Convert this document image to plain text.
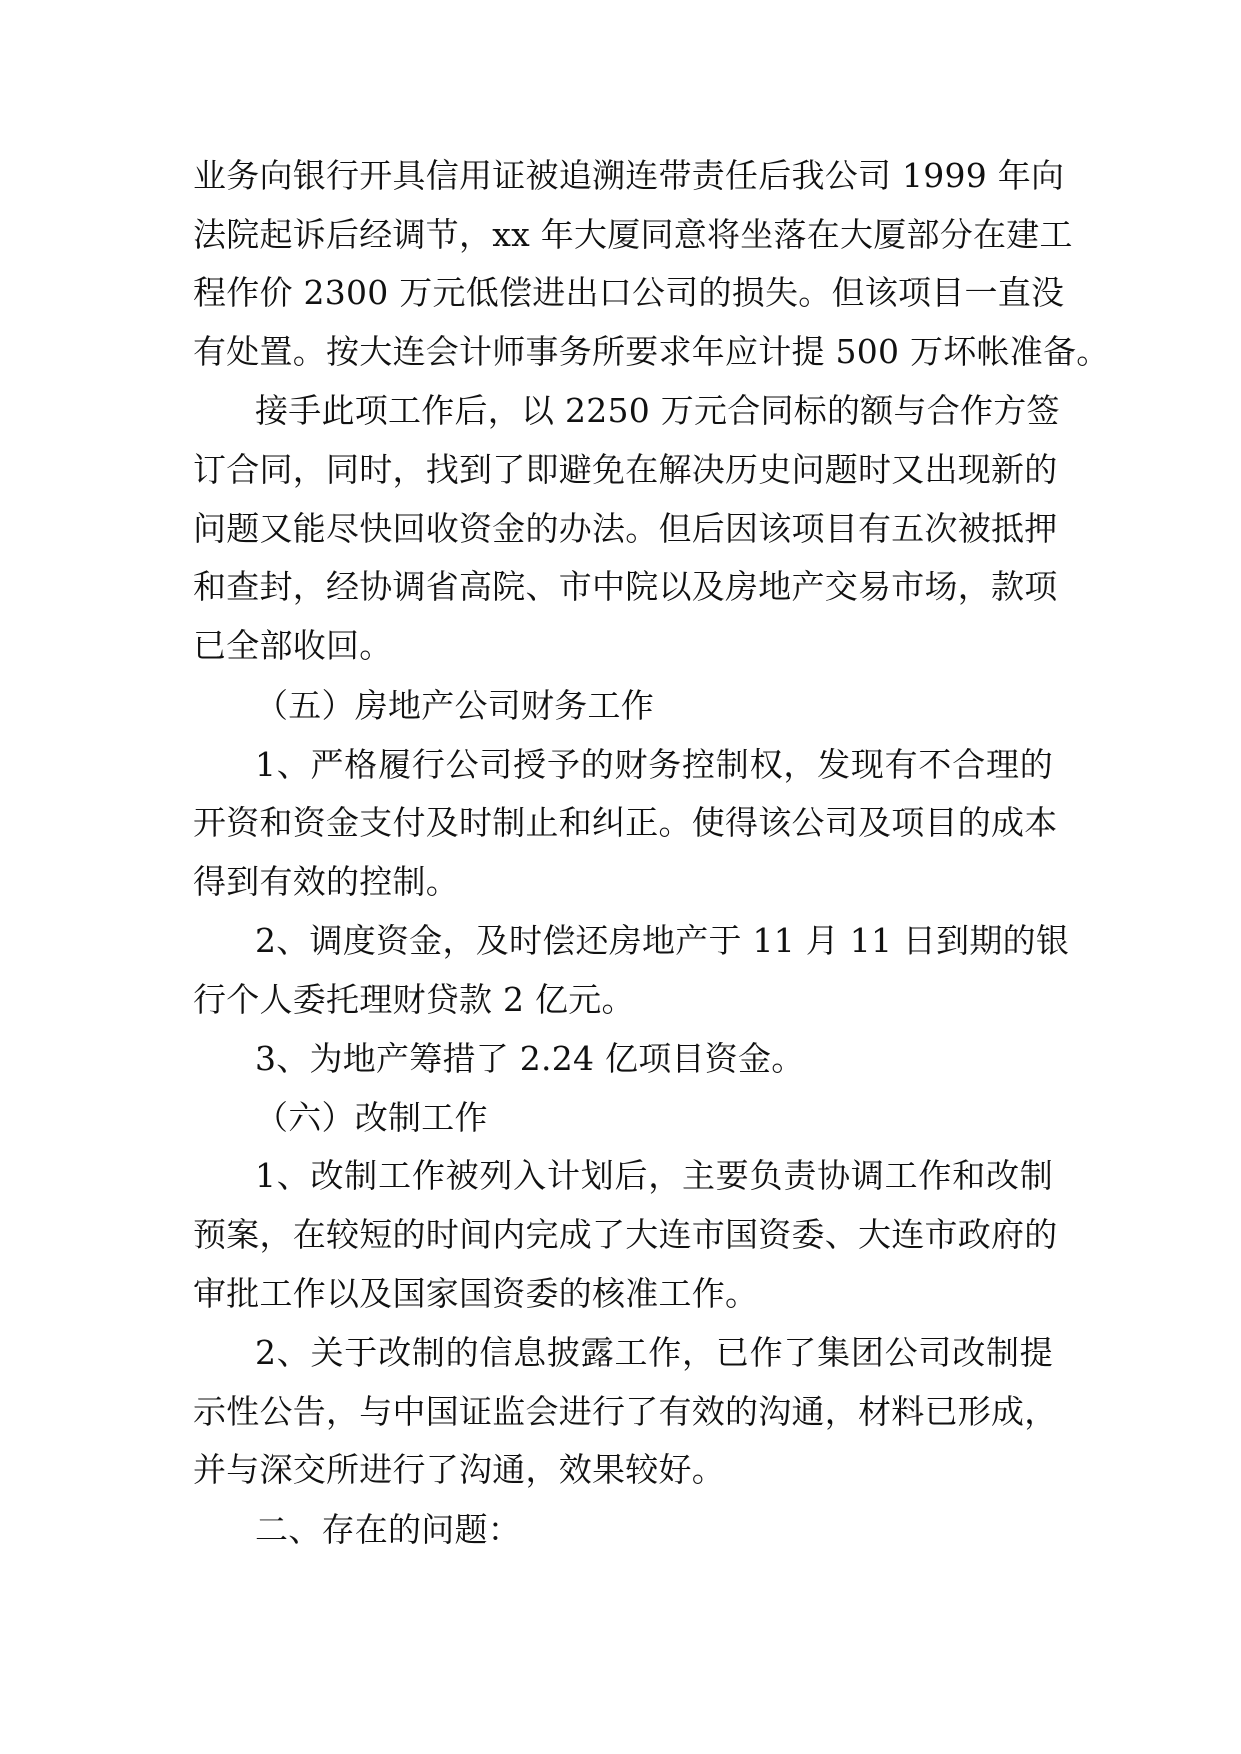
业务向银行开具信用证被追溯连带责任后我公司 1999 年向
法院起诉后经调节，xx 年大厦同意将坐落在大厦部分在建工
程作价 2300 万元低偿进出口公司的损失。但该项目一直没
有处置。按大连会计师事务所要求年应计提 500 万坏帐准备。
接手此项工作后，以 2250 万元合同标的额与合作方签
订合同，同时，找到了即避免在解决历史问题时又出现新的
问题又能尽快回收资金的办法。但后因该项目有五次被抵押
和查封，经协调省高院、市中院以及房地产交易市场，款项
已全部收回。
（五）房地产公司财务工作
1、严格履行公司授予的财务控制权，发现有不合理的
开资和资金支付及时制止和纠正。使得该公司及项目的成本
得到有效的控制。
2、调度资金，及时偿还房地产于 11 月 11 日到期的银
行个人委托理财贷款 2 亿元。
3、为地产筹措了 2.24 亿项目资金。
（六）改制工作
1、改制工作被列入计划后，主要负责协调工作和改制
预案，在较短的时间内完成了大连市国资委、大连市政府的
审批工作以及国家国资委的核准工作。
2、关于改制的信息披露工作，已作了集团公司改制提
示性公告，与中国证监会进行了有效的沟通，材料已形成，
并与深交所进行了沟通，效果较好。
二、存在的问题：
